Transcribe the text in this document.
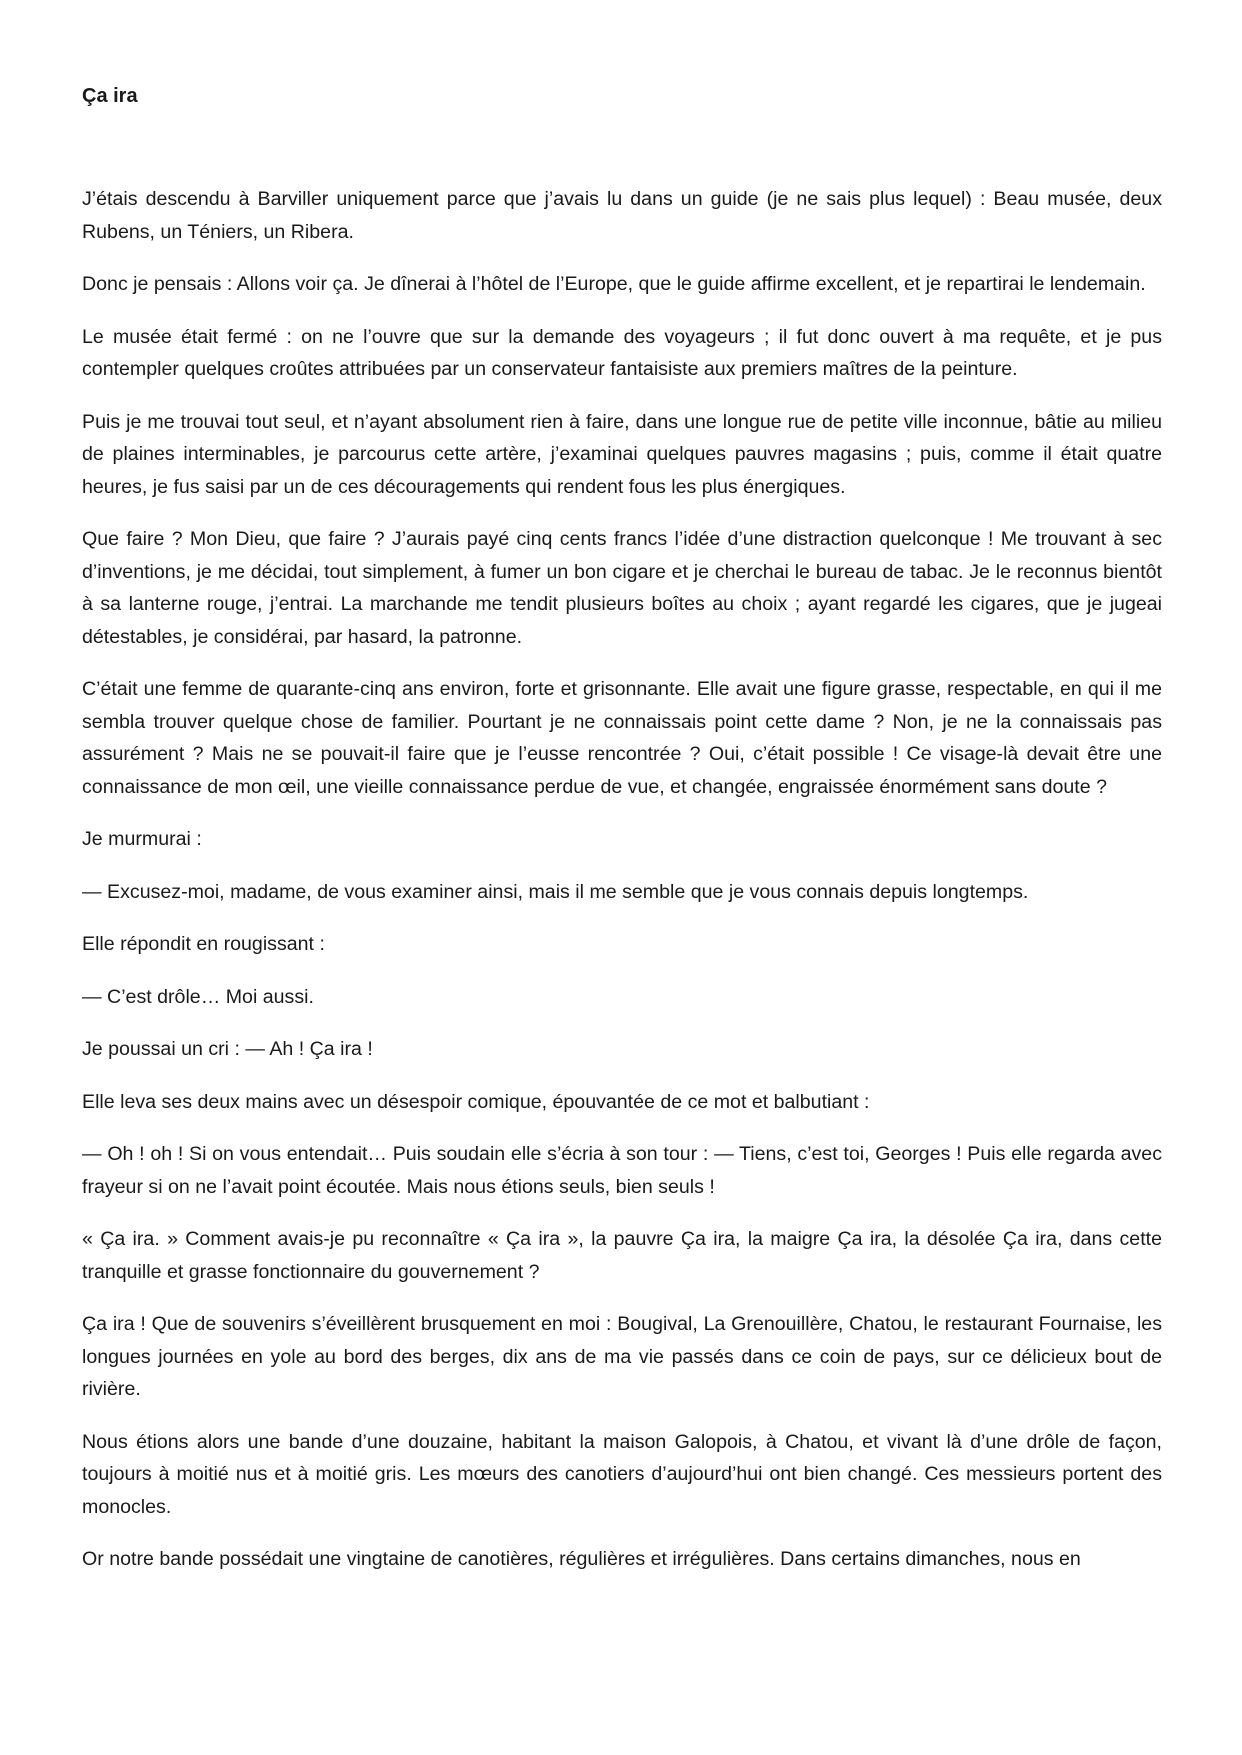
Ça ira

J’étais descendu à Barviller uniquement parce que j’avais lu dans un guide (je ne sais plus lequel) : Beau musée, deux Rubens, un Téniers, un Ribera.

Donc je pensais : Allons voir ça. Je dînerai à l’hôtel de l’Europe, que le guide affirme excellent, et je repartirai le lendemain.

Le musée était fermé : on ne l’ouvre que sur la demande des voyageurs ; il fut donc ouvert à ma requête, et je pus contempler quelques croûtes attribuées par un conservateur fantaisiste aux premiers maîtres de la peinture.

Puis je me trouvai tout seul, et n’ayant absolument rien à faire, dans une longue rue de petite ville inconnue, bâtie au milieu de plaines interminables, je parcourus cette artère, j’examinai quelques pauvres magasins ; puis, comme il était quatre heures, je fus saisi par un de ces découragements qui rendent fous les plus énergiques.

Que faire ? Mon Dieu, que faire ? J’aurais payé cinq cents francs l’idée d’une distraction quelconque ! Me trouvant à sec d’inventions, je me décidai, tout simplement, à fumer un bon cigare et je cherchai le bureau de tabac. Je le reconnus bientôt à sa lanterne rouge, j’entrai. La marchande me tendit plusieurs boîtes au choix ; ayant regardé les cigares, que je jugeai détestables, je considérai, par hasard, la patronne.

C’était une femme de quarante-cinq ans environ, forte et grisonnante. Elle avait une figure grasse, respectable, en qui il me sembla trouver quelque chose de familier. Pourtant je ne connaissais point cette dame ? Non, je ne la connaissais pas assurément ? Mais ne se pouvait-il faire que je l’eusse rencontrée ? Oui, c’était possible ! Ce visage-là devait être une connaissance de mon œil, une vieille connaissance perdue de vue, et changée, engraissée énormément sans doute ?

Je murmurai :

— Excusez-moi, madame, de vous examiner ainsi, mais il me semble que je vous connais depuis longtemps.

Elle répondit en rougissant :

— C’est drôle… Moi aussi.

Je poussai un cri : — Ah ! Ça ira !

Elle leva ses deux mains avec un désespoir comique, épouvantée de ce mot et balbutiant :

— Oh ! oh ! Si on vous entendait… Puis soudain elle s’écria à son tour : — Tiens, c’est toi, Georges ! Puis elle regarda avec frayeur si on ne l’avait point écoutée. Mais nous étions seuls, bien seuls !

« Ça ira. » Comment avais-je pu reconnaître « Ça ira », la pauvre Ça ira, la maigre Ça ira, la désolée Ça ira, dans cette tranquille et grasse fonctionnaire du gouvernement ?

Ça ira ! Que de souvenirs s’éveillèrent brusquement en moi : Bougival, La Grenouillère, Chatou, le restaurant Fournaise, les longues journées en yole au bord des berges, dix ans de ma vie passés dans ce coin de pays, sur ce délicieux bout de rivière.

Nous étions alors une bande d’une douzaine, habitant la maison Galopois, à Chatou, et vivant là d’une drôle de façon, toujours à moitié nus et à moitié gris. Les mœurs des canotiers d’aujourd’hui ont bien changé. Ces messieurs portent des monocles.

Or notre bande possédait une vingtaine de canotières, régulières et irrégulières. Dans certains dimanches, nous en
